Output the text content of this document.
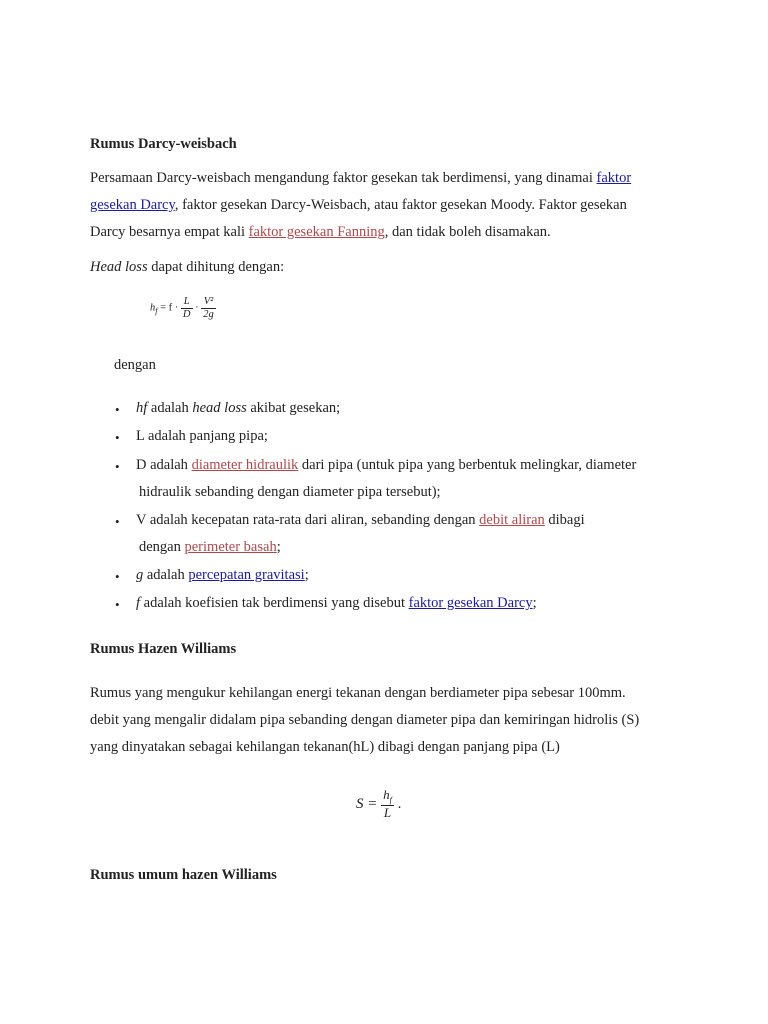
Rumus Darcy-weisbach
Persamaan Darcy-weisbach mengandung faktor gesekan tak berdimensi, yang dinamai faktor
gesekan Darcy, faktor gesekan Darcy-Weisbach, atau faktor gesekan Moody. Faktor gesekan
Darcy besarnya empat kali faktor gesekan Fanning, dan tidak boleh disamakan.
Head loss dapat dihitung dengan:
$h_f = f \cdot \frac{L}{D} \cdot \frac{\text{V²}}{2g}$
dengan
• hf adalah head loss akibat gesekan;
• L adalah panjang pipa;
• D adalah diameter hidraulik dari pipa (untuk pipa yang berbentuk melingkar, diameter
hidraulik sebanding dengan diameter pipa tersebut);
• V adalah kecepatan rata-rata dari aliran, sebanding dengan debit aliran dibagi
dengan perimeter basah;
• g adalah percepatan gravitasi;
• f adalah koefisien tak berdimensi yang disebut faktor gesekan Darcy;
Rumus Hazen Williams
Rumus yang mengukur kehilangan energi tekanan dengan berdiameter pipa sebesar 100mm.
debit yang mengalir didalam pipa sebanding dengan diameter pipa dan kemiringan hidrolis (S)
yang dinyatakan sebagai kehilangan tekanan(hL) dibagi dengan panjang pipa (L)
$S = \frac{h_f}{L}$ .
Rumus umum hazen Williams
